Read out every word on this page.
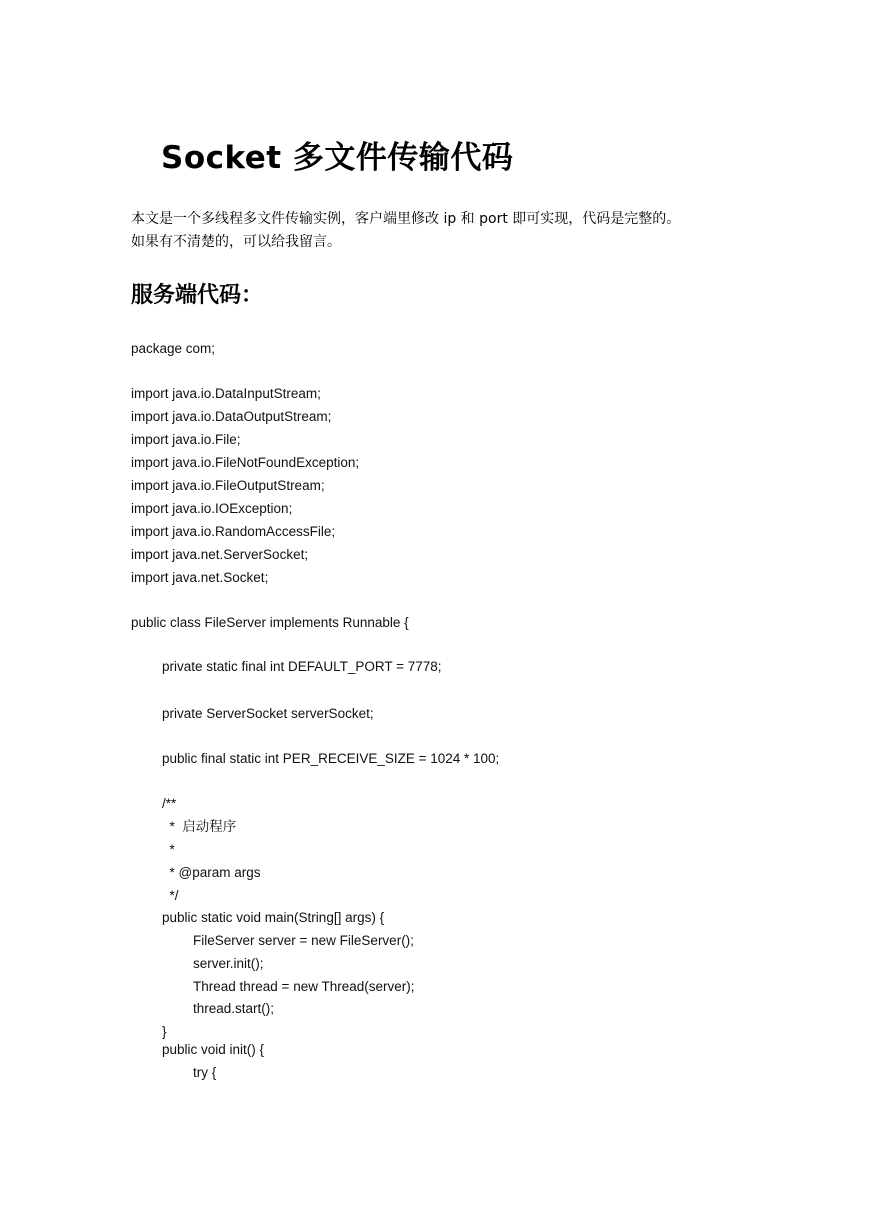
Socket 多文件传输代码

本文是一个多线程多文件传输实例，客户端里修改 ip 和 port 即可实现，代码是完整的。

如果有不清楚的，可以给我留言。

服务端代码：
package com;
import java.io.DataInputStream;
import java.io.DataOutputStream;
import java.io.File;
import java.io.FileNotFoundException;
import java.io.FileOutputStream;
import java.io.IOException;
import java.io.RandomAccessFile;
import java.net.ServerSocket;
import java.net.Socket;
public class FileServer implements Runnable {
private static final int DEFAULT_PORT = 7778;
private ServerSocket serverSocket;
public final static int PER_RECEIVE_SIZE = 1024 * 100;
/**
*  启动程序
*
* @param args
*/
public static void main(String[] args) {
FileServer server = new FileServer();
server.init();
Thread thread = new Thread(server);
thread.start();
}
public void init() {
try {
